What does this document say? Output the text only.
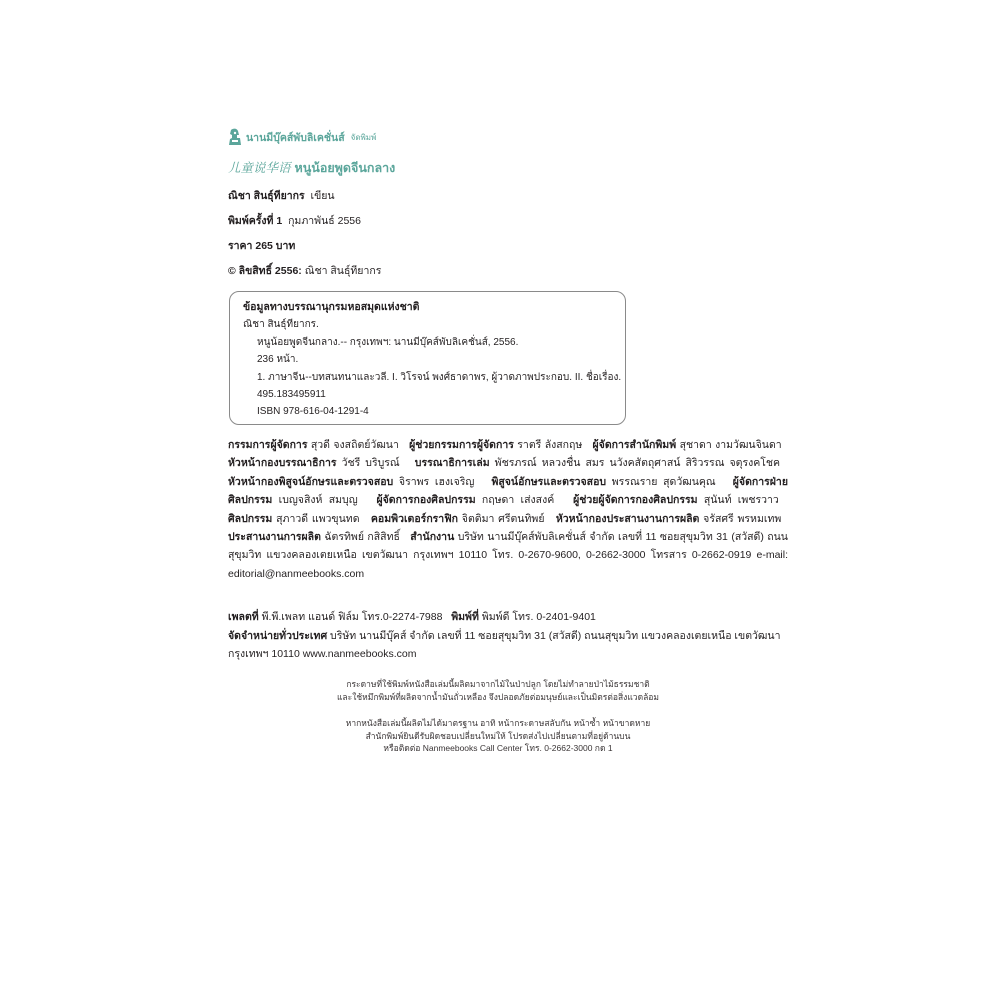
นานมีบุ๊คส์พับลิเคชั่นส์ จัดพิมพ์
儿童说华语 หนูน้อยพูดจีนกลาง
ณิชา สินธุ์ทียากร เขียน
พิมพ์ครั้งที่ 1 กุมภาพันธ์ 2556
ราคา 265 บาท
© ลิขสิทธิ์ 2556: ณิชา สินธุ์ทียากร
ข้อมูลทางบรรณานุกรมหอสมุดแห่งชาติ
ณิชา สินธุ์ทียากร.
หนูน้อยพูดจีนกลาง.-- กรุงเทพฯ: นานมีบุ๊คส์พับลิเคชั่นส์, 2556.
236 หน้า.
1. ภาษาจีน--บทสนทนาและวลี. I. วิโรจน์ พงศ์ธาดาพร, ผู้วาดภาพประกอบ. II. ชื่อเรื่อง.
495.183495911
ISBN 978-616-04-1291-4
กรรมการผู้จัดการ สุวดี จงสถิตย์วัฒนา ผู้ช่วยกรรมการผู้จัดการ ราตรี ลังสกฤษ ผู้จัดการสำนักพิมพ์ สุชาดา งามวัฒนจินดา   หัวหน้ากองบรรณาธิการ วัชรี บริบูรณ์ บรรณาธิการเล่ม พัชรภรณ์ หลวงชื่น สมร นวังคสัตถุศาสน์ สิริวรรณ จตุรงคโชค   หัวหน้ากองพิสูจน์อักษรและตรวจสอบ จิราพร เฮงเจริญ พิสูจน์อักษรและตรวจสอบ พรรณราย สุดวัฒนคุณ ผู้จัดการฝ่ายศิลปกรรม เบญจสิงห์ สมบุญ ผู้จัดการกองศิลปกรรม กฤษดา เส่งสงค์ ผู้ช่วยผู้จัดการกองศิลปกรรม สุนันท์ เพชรวาว   ศิลปกรรม สุภาวดี แพวขุนทด คอมพิวเตอร์กราฟิก จิตติมา ศรีตนทิพย์ หัวหน้ากองประสานงานการผลิต จรัสศรี พรหมเทพ   ประสานงานการผลิต ฉัตรทิพย์ กสิสิทธิ์ สำนักงาน บริษัท นานมีบุ๊คส์พับลิเคชั่นส์ จำกัด เลขที่ 11 ซอยสุขุมวิท 31 (สวัสดี) ถนนสุขุมวิท แขวงคลองเตยเหนือ เขตวัฒนา กรุงเทพฯ 10110 โทร. 0-2670-9600, 0-2662-3000 โทรสาร 0-2662-0919 e-mail: editorial@nanmeebooks.com
เพลตที่ พี.พี.เพลท แอนด์ ฟิล์ม โทร.0-2274-7988 พิมพ์ที่ พิมพ์ดี โทร. 0-2401-9401
จัดจำหน่ายทั่วประเทศ บริษัท นานมีบุ๊คส์ จำกัด เลขที่ 11 ซอยสุขุมวิท 31 (สวัสดี) ถนนสุขุมวิท แขวงคลองเตยเหนือ เขตวัฒนา กรุงเทพฯ 10110 www.nanmeebooks.com
กระดาษที่ใช้พิมพ์หนังสือเล่มนี้ผลิตมาจากไม้ในป่าปลูก โดยไม่ทำลายป่าไม้ธรรมชาติ
และใช้หมึกพิมพ์ที่ผลิตจากน้ำมันถั่วเหลือง จึงปลอดภัยต่อมนุษย์และเป็นมิตรต่อสิ่งแวดล้อม
หากหนังสือเล่มนี้ผลิตไม่ได้มาตรฐาน อาทิ หน้ากระดาษสลับกัน หน้าซ้ำ หน้าขาดหาย
สำนักพิมพ์ยินดีรับผิดชอบเปลี่ยนใหม่ให้ โปรดส่งไปเปลี่ยนตามที่อยู่ด้านบน
หรือติดต่อ Nanmeebooks Call Center โทร. 0-2662-3000 กด 1
